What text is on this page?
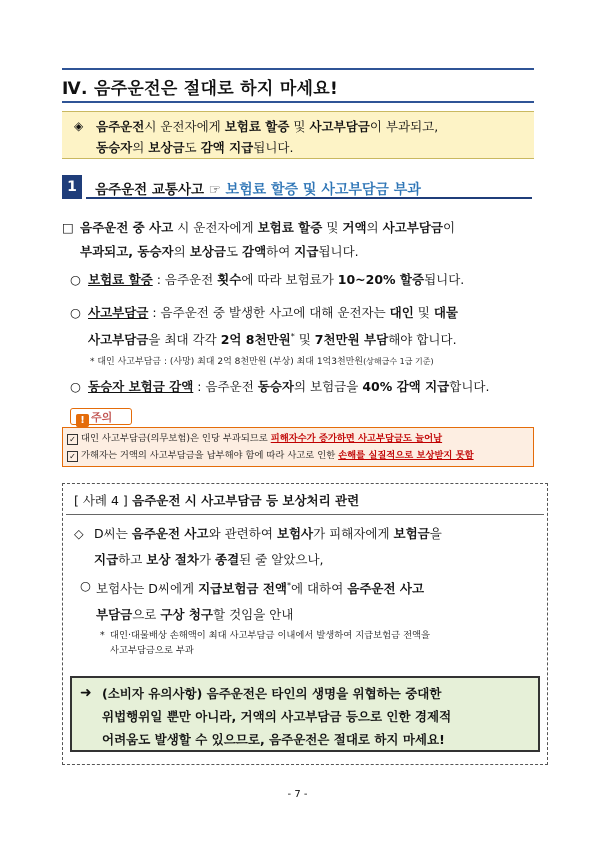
Ⅳ. 음주운전은 절대로 하지 마세요!
◈ 음주운전시 운전자에게 보험료 할증 및 사고부담금이 부과되고,
동승자의 보상금도 감액 지급됩니다.
1	음주운전 교통사고 ☞ 보험료 할증 및 사고부담금 부과
□ 음주운전 중 사고 시 운전자에게 보험료 할증 및 거액의 사고부담금이
부과되고, 동승자의 보상금도 감액하여 지급됩니다.
○ 보험료 할증 : 음주운전 횟수에 따라 보험료가 10~20% 할증됩니다.
○ 사고부담금 : 음주운전 중 발생한 사고에 대해 운전자는 대인 및 대물
사고부담금을 최대 각각 2억 8천만원* 및 7천만원 부담해야 합니다.
* 대인 사고부담금 : (사망) 최대 2억 8천만원 (부상) 최대 1억3천만원(상해급수 1급 기준)
○ 동승자 보험금 감액 : 음주운전 동승자의 보험금을 40% 감액 지급합니다.
! 주의
✓ 대인 사고부담금(의무보험)은 인당 부과되므로 피해자수가 증가하면 사고부담금도 늘어남
✓ 가해자는 거액의 사고부담금을 납부해야 함에 따라 사고로 인한 손해를 실질적으로 보상받지 못함
[ 사례 4 ] 음주운전 시 사고부담금 등 보상처리 관련
◇ D씨는 음주운전 사고와 관련하여 보험사가 피해자에게 보험금을
지급하고 보상 절차가 종결된 줄 알았으나,
○ 보험사는 D씨에게 지급보험금 전액*에 대하여 음주운전 사고
부담금으로 구상 청구할 것임을 안내
* 대인·대물배상 손해액이 최대 사고부담금 이내에서 발생하여 지급보험금 전액을
사고부담금으로 부과
➜ (소비자 유의사항) 음주운전은 타인의 생명을 위협하는 중대한
위법행위일 뿐만 아니라, 거액의 사고부담금 등으로 인한 경제적
어려움도 발생할 수 있으므로, 음주운전은 절대로 하지 마세요!
- 7 -
